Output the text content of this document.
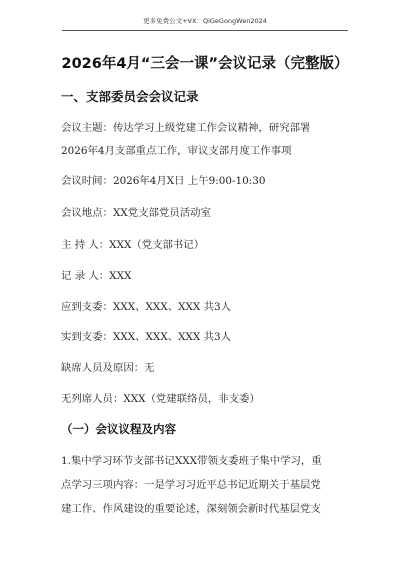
更多免费公文+VX：QiGeGongWen2024
2026年4月“三会一课”会议记录（完整版）
一、支部委员会会议记录
会议主题：传达学习上级党建工作会议精神，研究部署
2026年4月支部重点工作，审议支部月度工作事项
会议时间：2026年4月X日 上午9:00-10:30
会议地点：XX党支部党员活动室
主 持 人：XXX（党支部书记）
记 录 人：XXX
应到支委：XXX、XXX、XXX 共3人
实到支委：XXX、XXX、XXX 共3人
缺席人员及原因：无
无列席人员：XXX（党建联络员，非支委）
（一）会议议程及内容
1.集中学习环节支部书记XXX带领支委班子集中学习，重
点学习三项内容：一是学习习近平总书记近期关于基层党
建工作、作风建设的重要论述，深刻领会新时代基层党支
